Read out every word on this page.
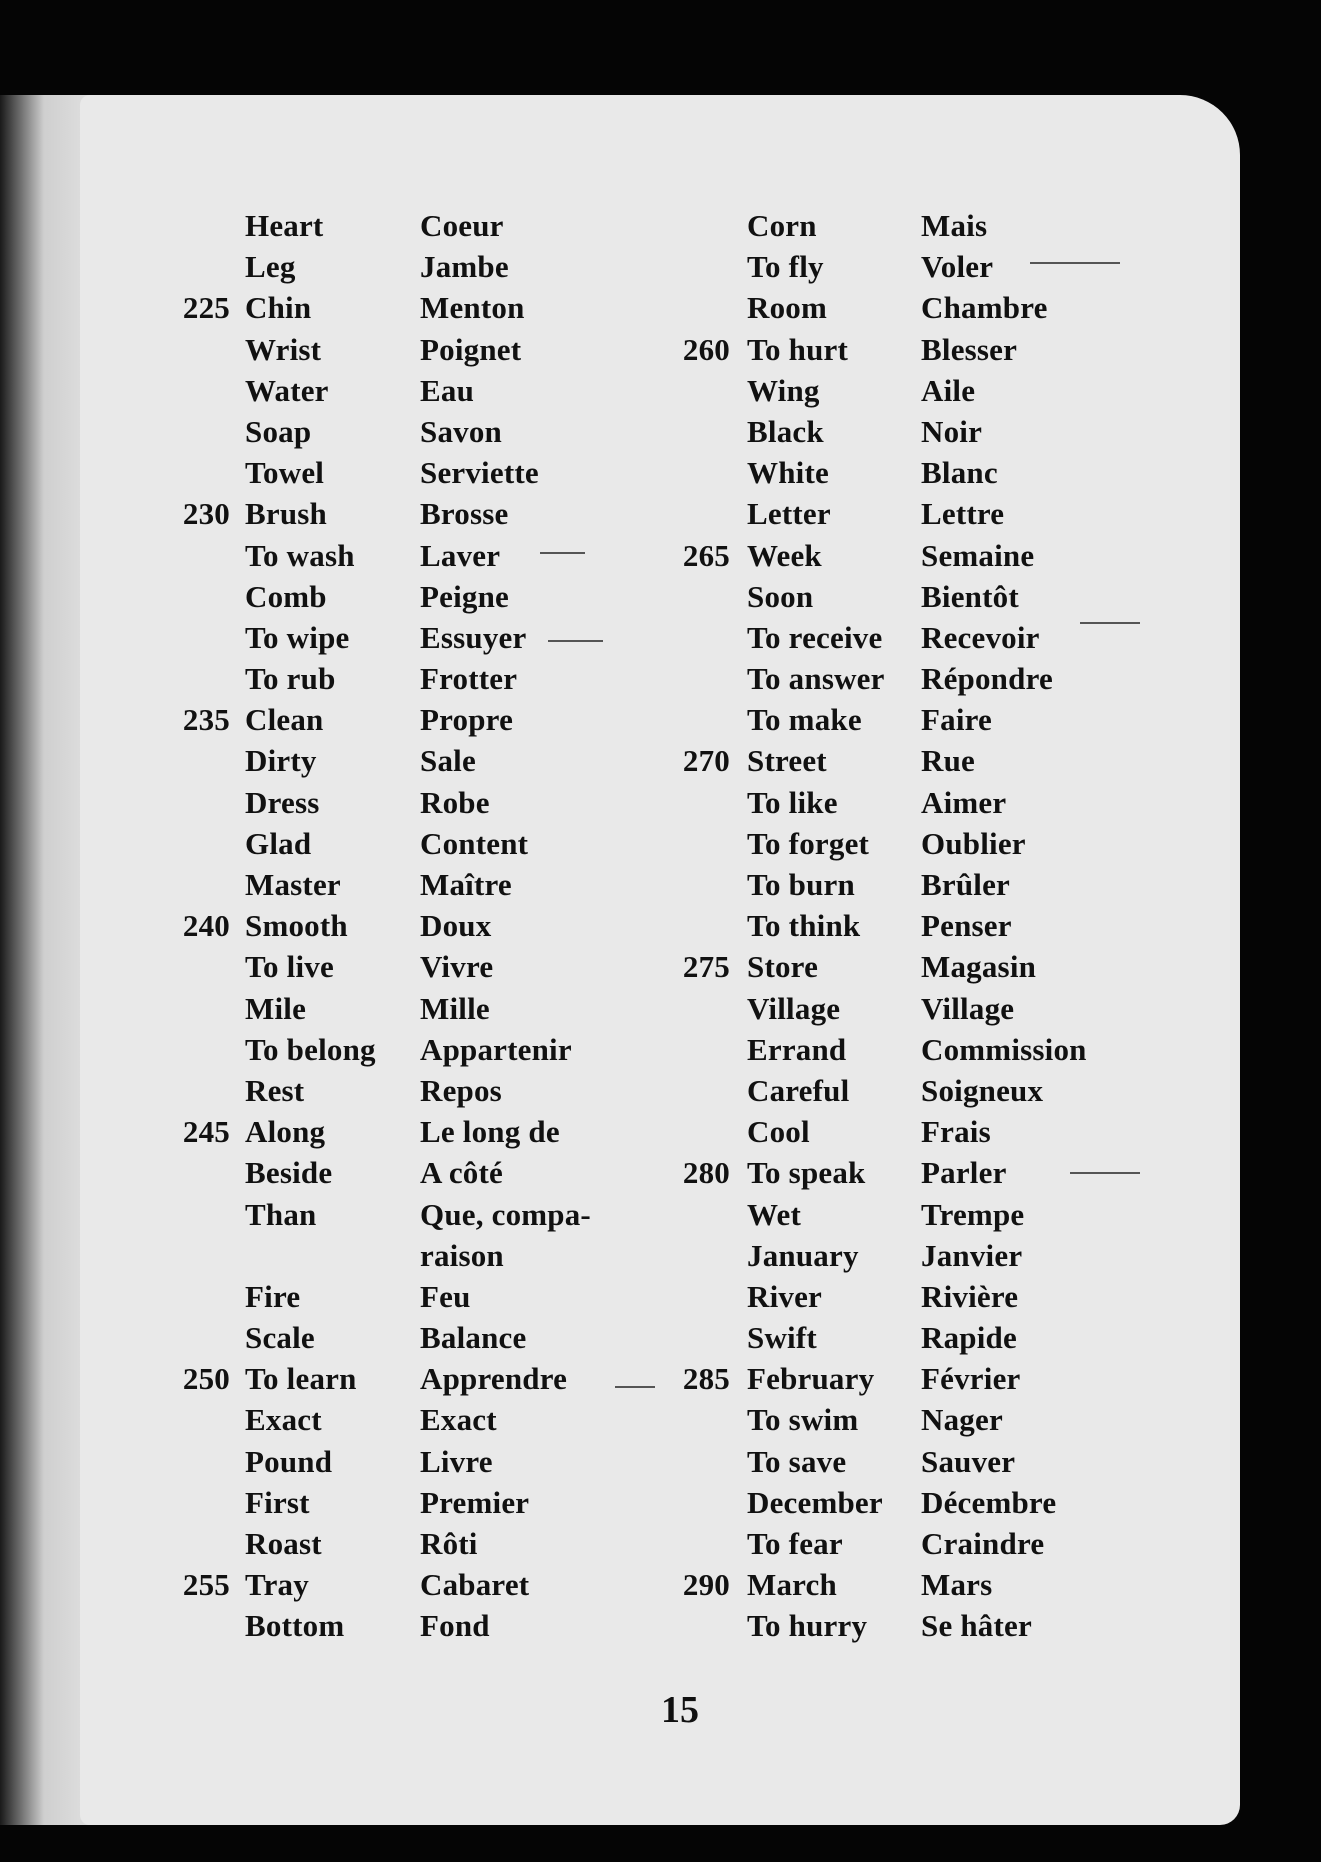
225
230
235
240
245
250
255
Heart
Leg
Chin
Wrist
Water
Soap
Towel
Brush
To wash
Comb
To wipe
To rub
Clean
Dirty
Dress
Glad
Master
Smooth
To live
Mile
To belong
Rest
Along
Beside
Than
Fire
Scale
To learn
Exact
Pound
First
Roast
Tray
Bottom
Coeur
Jambe
Menton
Poignet
Eau
Savon
Serviette
Brosse
Laver
Peigne
Essuyer
Frotter
Propre
Sale
Robe
Content
Maître
Doux
Vivre
Mille
Appartenir
Repos
Le long de
A côté
Que, compa-
raison
Feu
Balance
Apprendre
Exact
Livre
Premier
Rôti
Cabaret
Fond
260
265
270
275
280
285
290
Corn
To fly
Room
To hurt
Wing
Black
White
Letter
Week
Soon
To receive
To answer
To make
Street
To like
To forget
To burn
To think
Store
Village
Errand
Careful
Cool
To speak
Wet
January
River
Swift
February
To swim
To save
December
To fear
March
To hurry
Mais
Voler
Chambre
Blesser
Aile
Noir
Blanc
Lettre
Semaine
Bientôt
Recevoir
Répondre
Faire
Rue
Aimer
Oublier
Brûler
Penser
Magasin
Village
Commission
Soigneux
Frais
Parler
Trempe
Janvier
Rivière
Rapide
Février
Nager
Sauver
Décembre
Craindre
Mars
Se hâter
15
